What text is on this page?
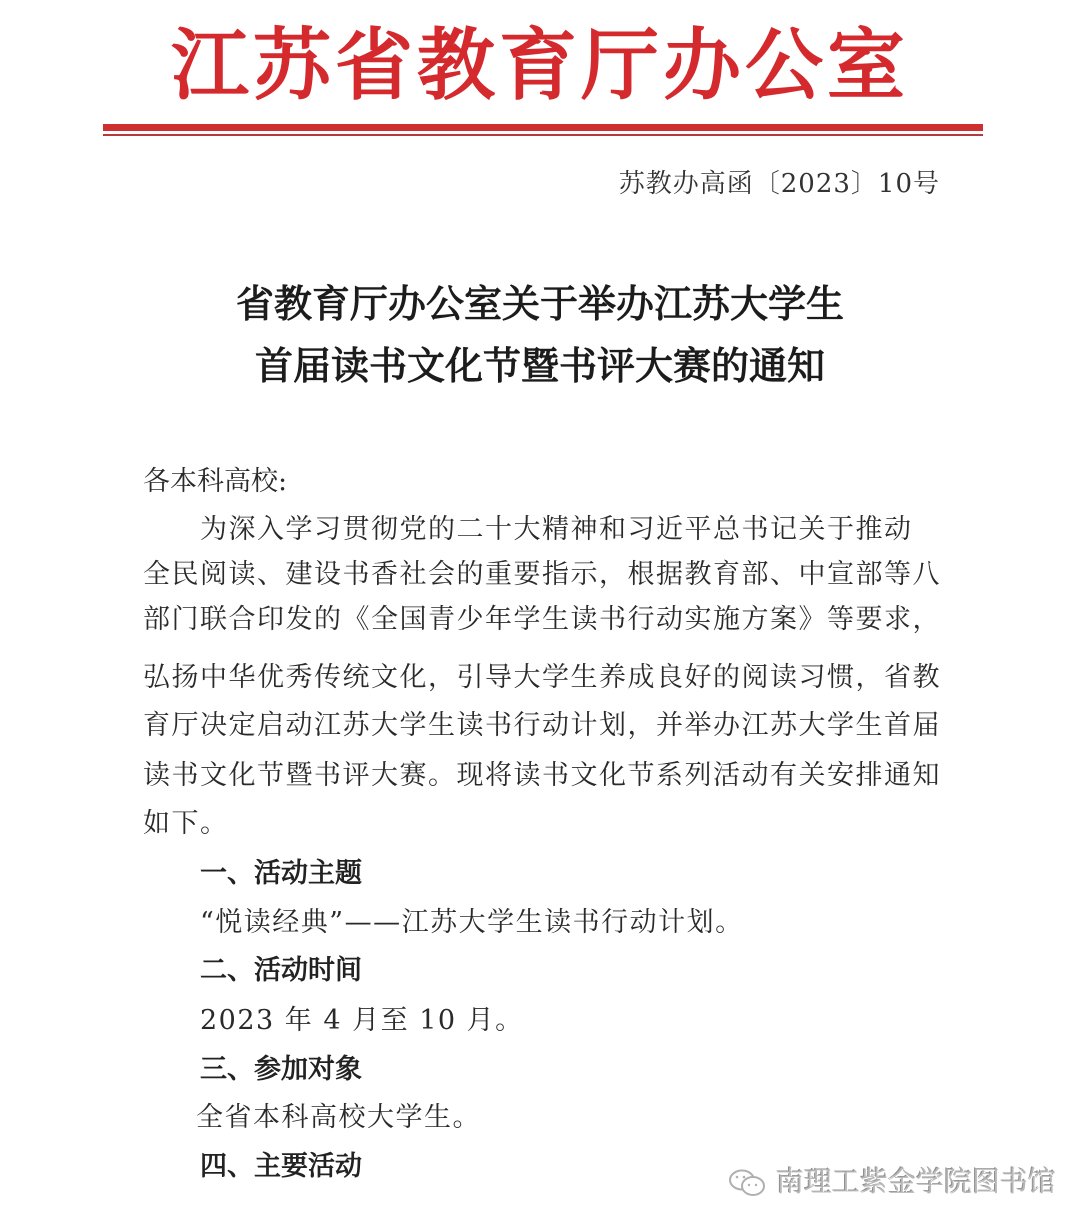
江苏省教育厅办公室
苏教办高函〔2023〕10号
省教育厅办公室关于举办江苏大学生
首届读书文化节暨书评大赛的通知
各本科高校:
　　为深入学习贯彻党的二十大精神和习近平总书记关于推动
全民阅读、建设书香社会的重要指示，根据教育部、中宣部等八
部门联合印发的《全国青少年学生读书行动实施方案》等要求，
弘扬中华优秀传统文化，引导大学生养成良好的阅读习惯，省教
育厅决定启动江苏大学生读书行动计划，并举办江苏大学生首届
读书文化节暨书评大赛。现将读书文化节系列活动有关安排通知
如下。
一、活动主题
“悦读经典”——江苏大学生读书行动计划。
二、活动时间
2023 年 4 月至 10 月。
三、参加对象
全省本科高校大学生。
四、主要活动	南理工紫金学院图书馆
